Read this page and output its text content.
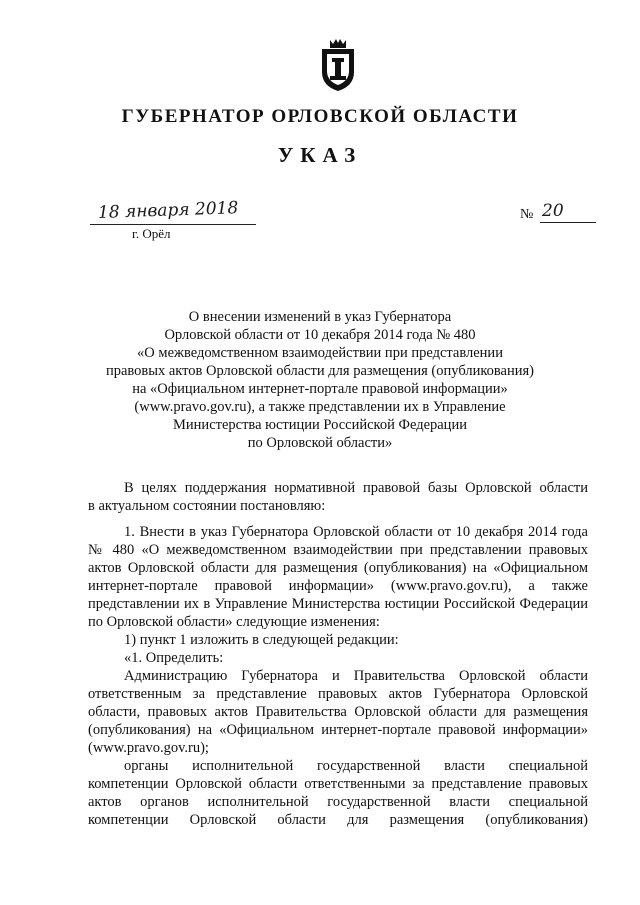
ГУБЕРНАТОР ОРЛОВСКОЙ ОБЛАСТИ
УКАЗ
18 января 2018
г. Орёл
№ 20
О внесении изменений в указ Губернатора
Орловской области от 10 декабря 2014 года № 480
«О межведомственном взаимодействии при представлении
правовых актов Орловской области для размещения (опубликования)
на «Официальном интернет-портале правовой информации»
(www.pravo.gov.ru), а также представлении их в Управление
Министерства юстиции Российской Федерации
по Орловской области»

В целях поддержания нормативной правовой базы Орловской области

в актуальном состоянии постановляю:

1. Внести в указ Губернатора Орловской области от 10 декабря 2014 года

№ 480 «О межведомственном взаимодействии при представлении правовых

актов Орловской области для размещения (опубликования) на «Официальном

интернет-портале правовой информации» (www.pravo.gov.ru), а также

представлении их в Управление Министерства юстиции Российской Федерации

по Орловской области» следующие изменения:

1) пункт 1 изложить в следующей редакции:

«1. Определить:

Администрацию Губернатора и Правительства Орловской области

ответственным за представление правовых актов Губернатора Орловской

области, правовых актов Правительства Орловской области для размещения

(опубликования) на «Официальном интернет-портале правовой информации»

(www.pravo.gov.ru);

органы исполнительной государственной власти специальной

компетенции Орловской области ответственными за представление правовых

актов органов исполнительной государственной власти специальной

компетенции Орловской области для размещения (опубликования)
